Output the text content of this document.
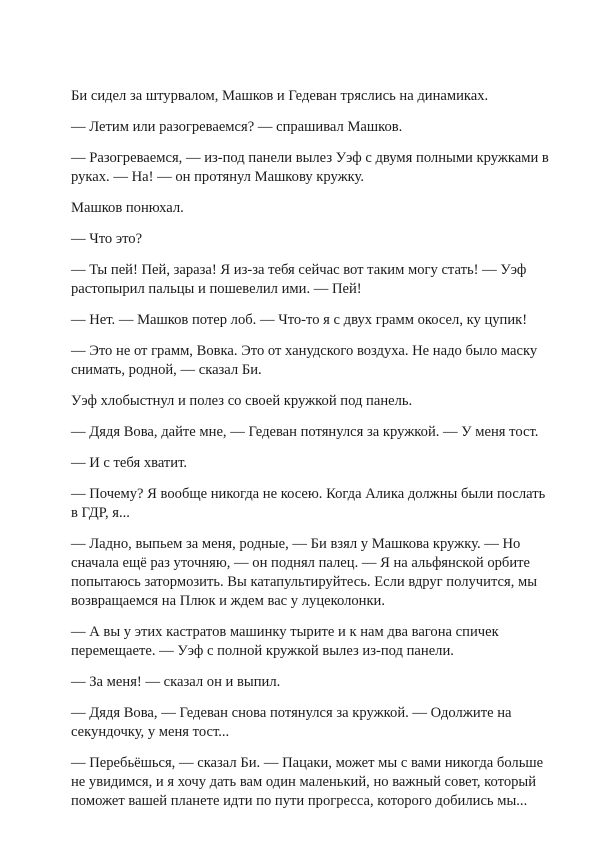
Би сидел за штурвалом, Машков и Гедеван тряслись на динамиках.

— Летим или разогреваемся? — спрашивал Машков.

— Разогреваемся, — из-под панели вылез Уэф с двумя полными кружками в
руках. — На! — он протянул Машкову кружку.

Машков понюхал.

— Что это?

— Ты пей! Пей, зараза! Я из-за тебя сейчас вот таким могу стать! — Уэф
растопырил пальцы и пошевелил ими. — Пей!

— Нет. — Машков потер лоб. — Что-то я с двух грамм окосел, ку цупик!

— Это не от грамм, Вовка. Это от ханудского воздуха. Не надо было маску
снимать, родной, — сказал Би.

Уэф хлобыстнул и полез со своей кружкой под панель.

— Дядя Вова, дайте мне, — Гедеван потянулся за кружкой. — У меня тост.

— И с тебя хватит.

— Почему? Я вообще никогда не косею. Когда Алика должны были послать
в ГДР, я...

— Ладно, выпьем за меня, родные, — Би взял у Машкова кружку. — Но
сначала ещё раз уточняю, — он поднял палец. — Я на альфянской орбите
попытаюсь затормозить. Вы катапультируйтесь. Если вдруг получится, мы
возвращаемся на Плюк и ждем вас у луцеколонки.

— А вы у этих кастратов машинку тырите и к нам два вагона спичек
перемещаете. — Уэф с полной кружкой вылез из-под панели.

— За меня! — сказал он и выпил.

— Дядя Вова, — Гедеван снова потянулся за кружкой. — Одолжите на
секундочку, у меня тост...

— Перебьёшься, — сказал Би. — Пацаки, может мы с вами никогда больше
не увидимся, и я хочу дать вам один маленький, но важный совет, который
поможет вашей планете идти по пути прогресса, которого добились мы...
